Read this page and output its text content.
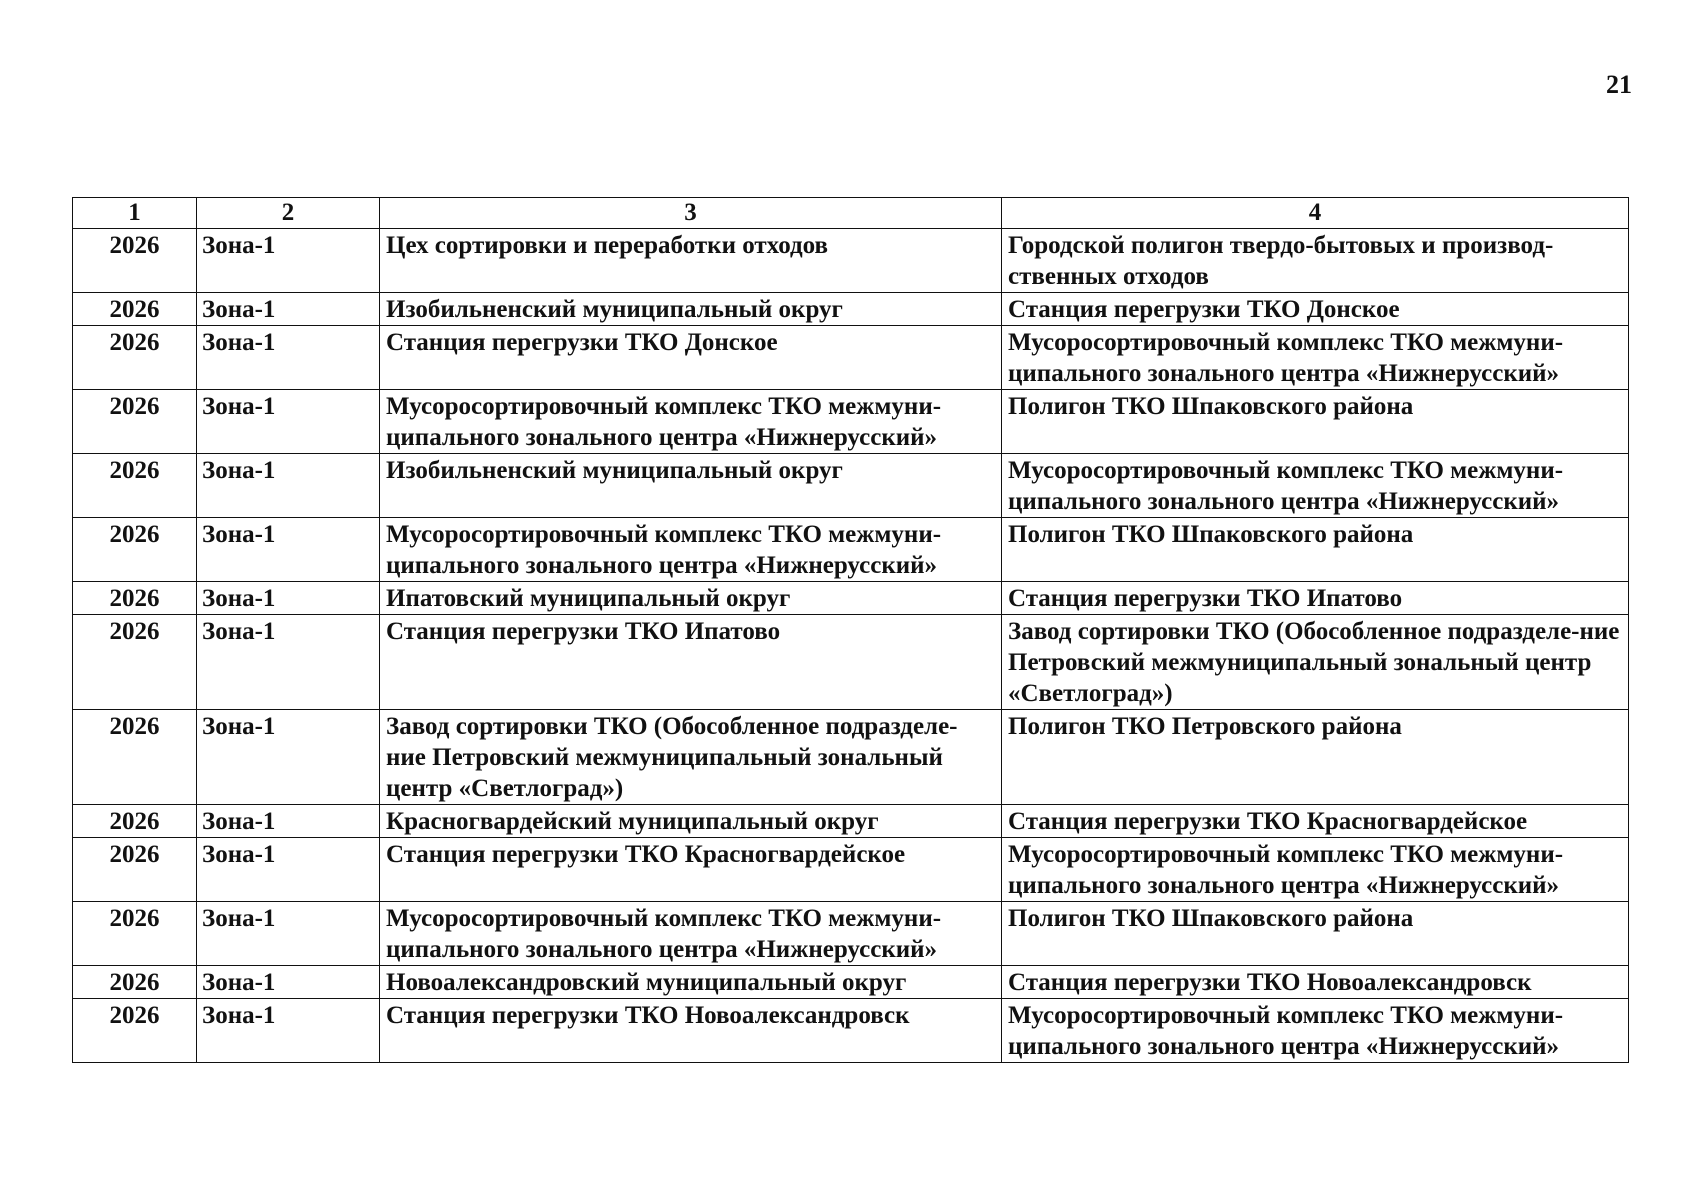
21
1	2	3	4
2026	Зона-1	Цех сортировки и переработки отходов	Городской полигон твердо-бытовых и производ-ственных отходов
2026	Зона-1	Изобильненский муниципальный округ	Станция перегрузки ТКО Донское
2026	Зона-1	Станция перегрузки ТКО Донское	Мусоросортировочный комплекс ТКО межмуни-ципального зонального центра «Нижнерусский»
2026	Зона-1	Мусоросортировочный комплекс ТКО межмуни-ципального зонального центра «Нижнерусский»	Полигон ТКО Шпаковского района
2026	Зона-1	Изобильненский муниципальный округ	Мусоросортировочный комплекс ТКО межмуни-ципального зонального центра «Нижнерусский»
2026	Зона-1	Мусоросортировочный комплекс ТКО межмуни-ципального зонального центра «Нижнерусский»	Полигон ТКО Шпаковского района
2026	Зона-1	Ипатовский муниципальный округ	Станция перегрузки ТКО Ипатово
2026	Зона-1	Станция перегрузки ТКО Ипатово	Завод сортировки ТКО (Обособленное подразделе-ние Петровский межмуниципальный зональный центр «Светлоград»)
2026	Зона-1	Завод сортировки ТКО (Обособленное подразделе-ние Петровский межмуниципальный зональный центр «Светлоград»)	Полигон ТКО Петровского района
2026	Зона-1	Красногвардейский муниципальный округ	Станция перегрузки ТКО Красногвардейское
2026	Зона-1	Станция перегрузки ТКО Красногвардейское	Мусоросортировочный комплекс ТКО межмуни-ципального зонального центра «Нижнерусский»
2026	Зона-1	Мусоросортировочный комплекс ТКО межмуни-ципального зонального центра «Нижнерусский»	Полигон ТКО Шпаковского района
2026	Зона-1	Новоалександровский муниципальный округ	Станция перегрузки ТКО Новоалександровск
2026	Зона-1	Станция перегрузки ТКО Новоалександровск	Мусоросортировочный комплекс ТКО межмуни-ципального зонального центра «Нижнерусский»
